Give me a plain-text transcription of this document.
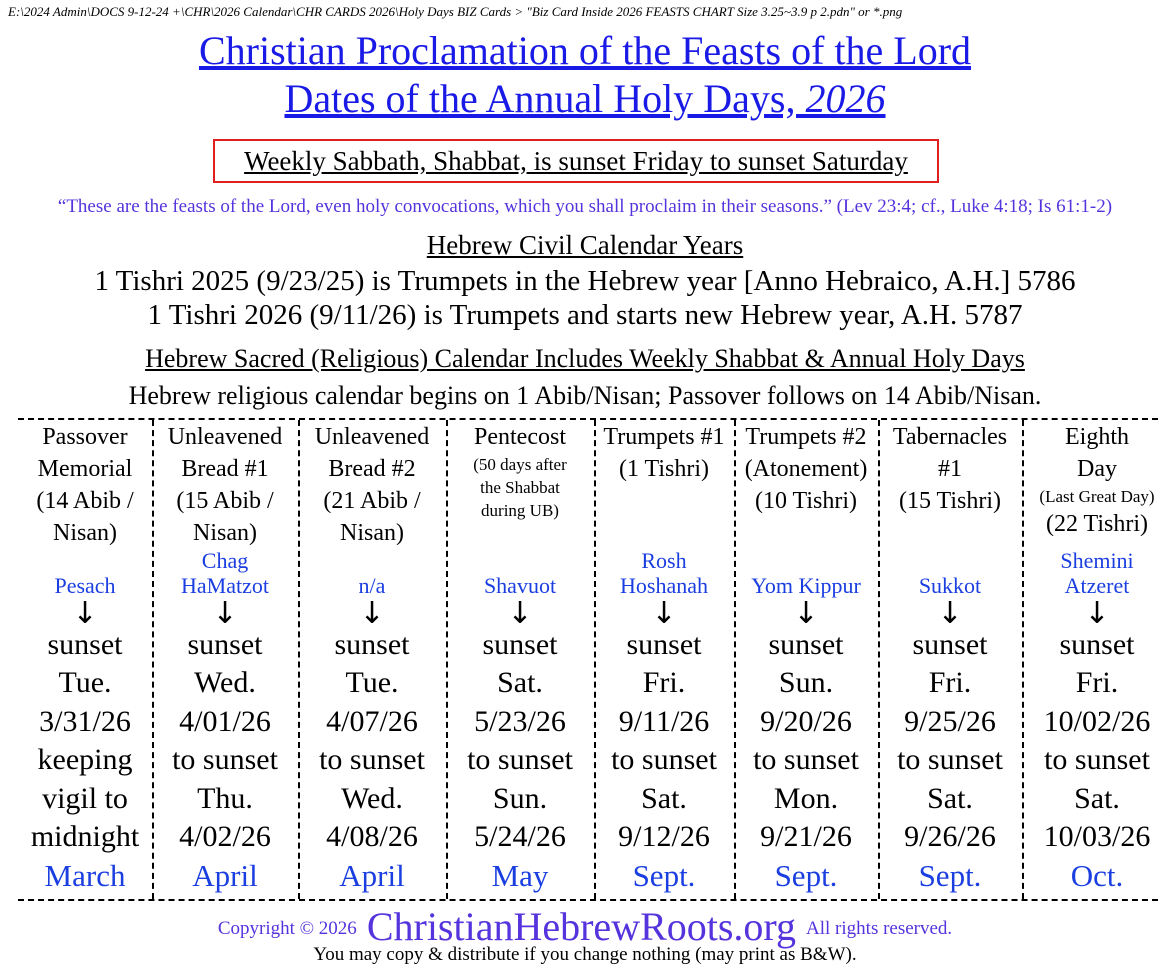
E:\2024 Admin\DOCS 9-12-24 +\CHR\2026 Calendar\CHR CARDS 2026\Holy Days BIZ Cards > "Biz Card Inside 2026 FEASTS CHART Size 3.25~3.9 p 2.pdn" or *.png
Christian Proclamation of the Feasts of the Lord
Dates of the Annual Holy Days, 2026
Weekly Sabbath, Shabbat, is sunset Friday to sunset Saturday
“These are the feasts of the Lord, even holy convocations, which you shall proclaim in their seasons.” (Lev 23:4; cf., Luke 4:18; Is 61:1-2)
Hebrew Civil Calendar Years
1 Tishri 2025 (9/23/25) is Trumpets in the Hebrew year [Anno Hebraico, A.H.] 5786
1 Tishri 2026 (9/11/26) is Trumpets and starts new Hebrew year, A.H. 5787
Hebrew Sacred (Religious) Calendar Includes Weekly Shabbat & Annual Holy Days
Hebrew religious calendar begins on 1 Abib/Nisan; Passover follows on 14 Abib/Nisan.
Passover
Memorial
(14 Abib /
Nisan)
Pesach
↓
sunset
Tue.
3/31/26
keeping
vigil to
midnight
March
Unleavened
Bread #1
(15 Abib /
Nisan)
Chag
HaMatzot
↓
sunset
Wed.
4/01/26
to sunset
Thu.
4/02/26
April
Unleavened
Bread #2
(21 Abib /
Nisan)
n/a
↓
sunset
Tue.
4/07/26
to sunset
Wed.
4/08/26
April
Pentecost
(50 days after
the Shabbat
during UB)
Shavuot
↓
sunset
Sat.
5/23/26
to sunset
Sun.
5/24/26
May
Trumpets #1
(1 Tishri)
Rosh
Hoshanah
↓
sunset
Fri.
9/11/26
to sunset
Sat.
9/12/26
Sept.
Trumpets #2
(Atonement)
(10 Tishri)
Yom Kippur
↓
sunset
Sun.
9/20/26
to sunset
Mon.
9/21/26
Sept.
Tabernacles
#1
(15 Tishri)
Sukkot
↓
sunset
Fri.
9/25/26
to sunset
Sat.
9/26/26
Sept.
Eighth
Day
(Last Great Day)
(22 Tishri)
Shemini
Atzeret
↓
sunset
Fri.
10/02/26
to sunset
Sat.
10/03/26
Oct.
Copyright © 2026 ChristianHebrewRoots.org All rights reserved.
You may copy & distribute if you change nothing (may print as B&W).
